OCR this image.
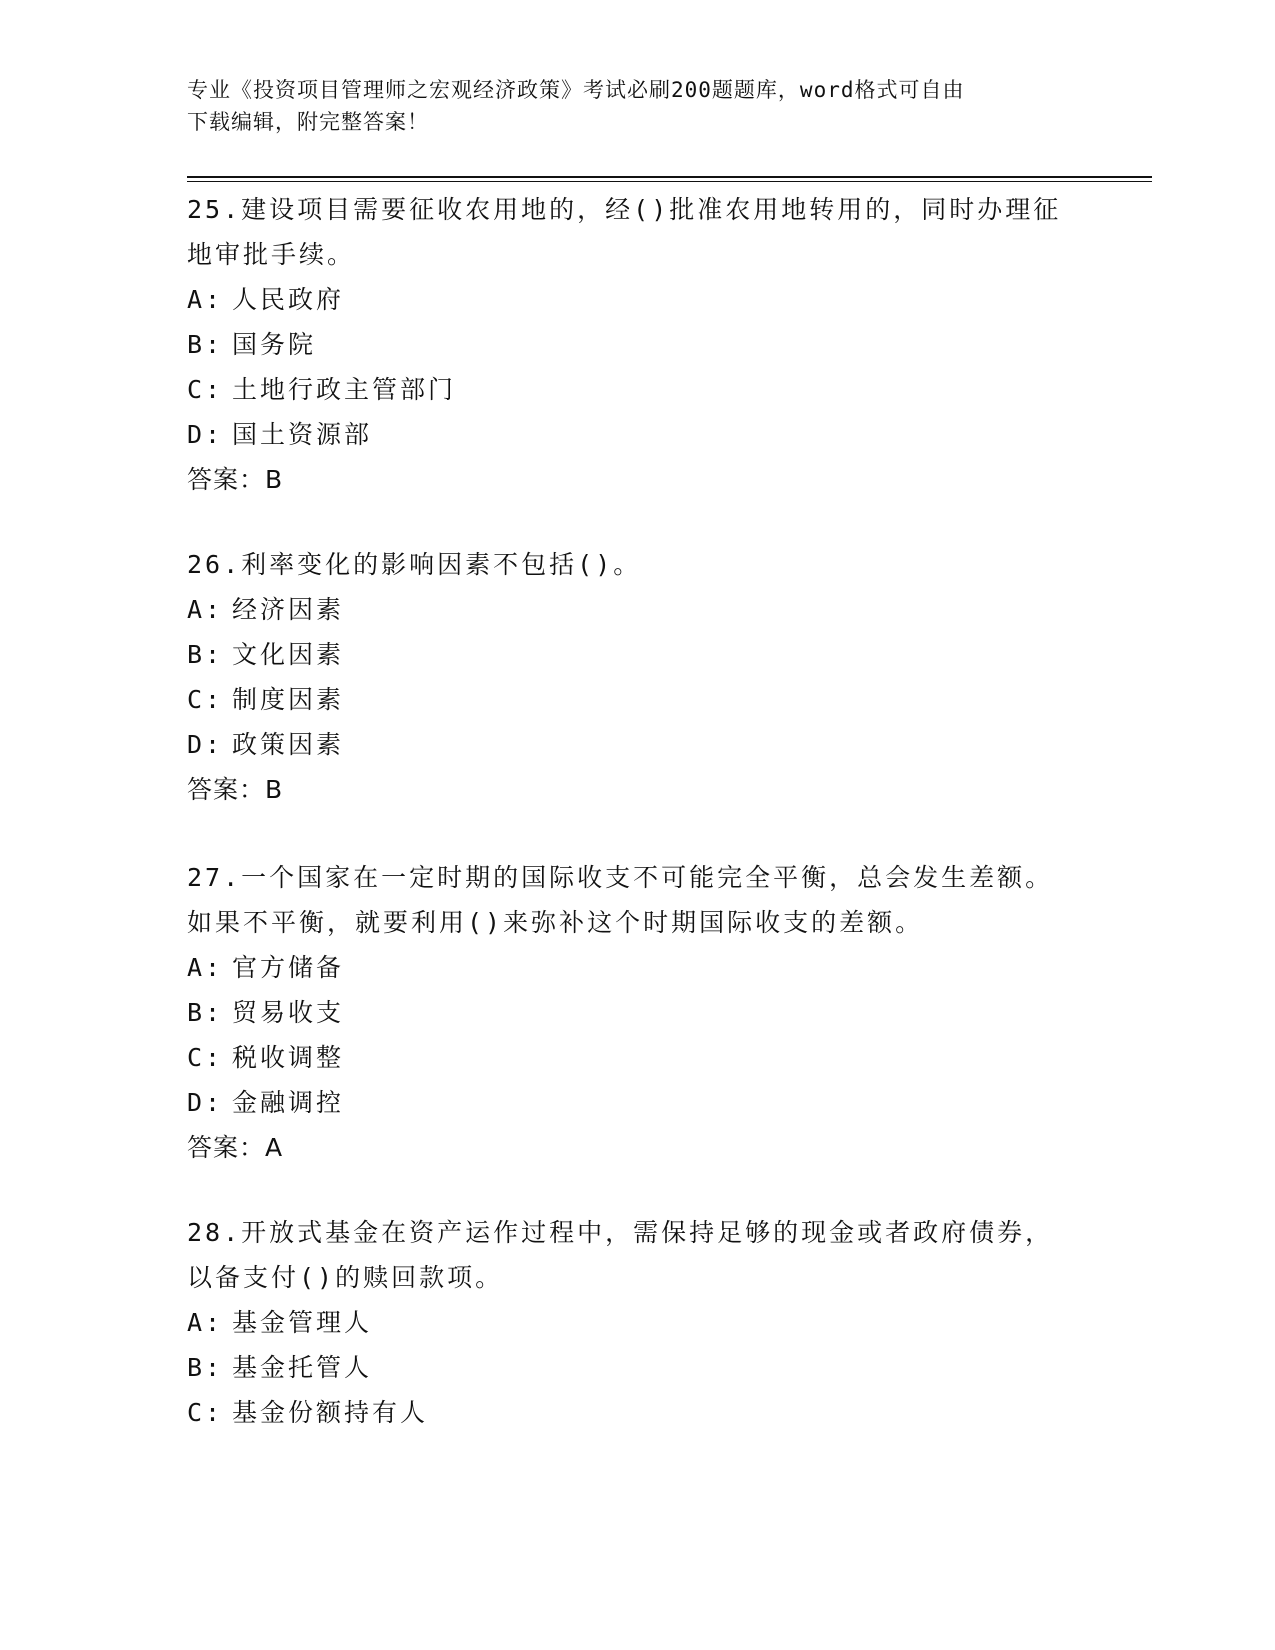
专业《投资项目管理师之宏观经济政策》考试必刷200题题库，word格式可自由
下载编辑，附完整答案！
25.建设项目需要征收农用地的，经()批准农用地转用的，同时办理征
地审批手续。
A: 人民政府
B: 国务院
C: 土地行政主管部门
D: 国土资源部
答案：B
26.利率变化的影响因素不包括()。
A: 经济因素
B: 文化因素
C: 制度因素
D: 政策因素
答案：B
27.一个国家在一定时期的国际收支不可能完全平衡，总会发生差额。
如果不平衡，就要利用()来弥补这个时期国际收支的差额。
A: 官方储备
B: 贸易收支
C: 税收调整
D: 金融调控
答案：A
28.开放式基金在资产运作过程中，需保持足够的现金或者政府债券，
以备支付()的赎回款项。
A: 基金管理人
B: 基金托管人
C: 基金份额持有人
